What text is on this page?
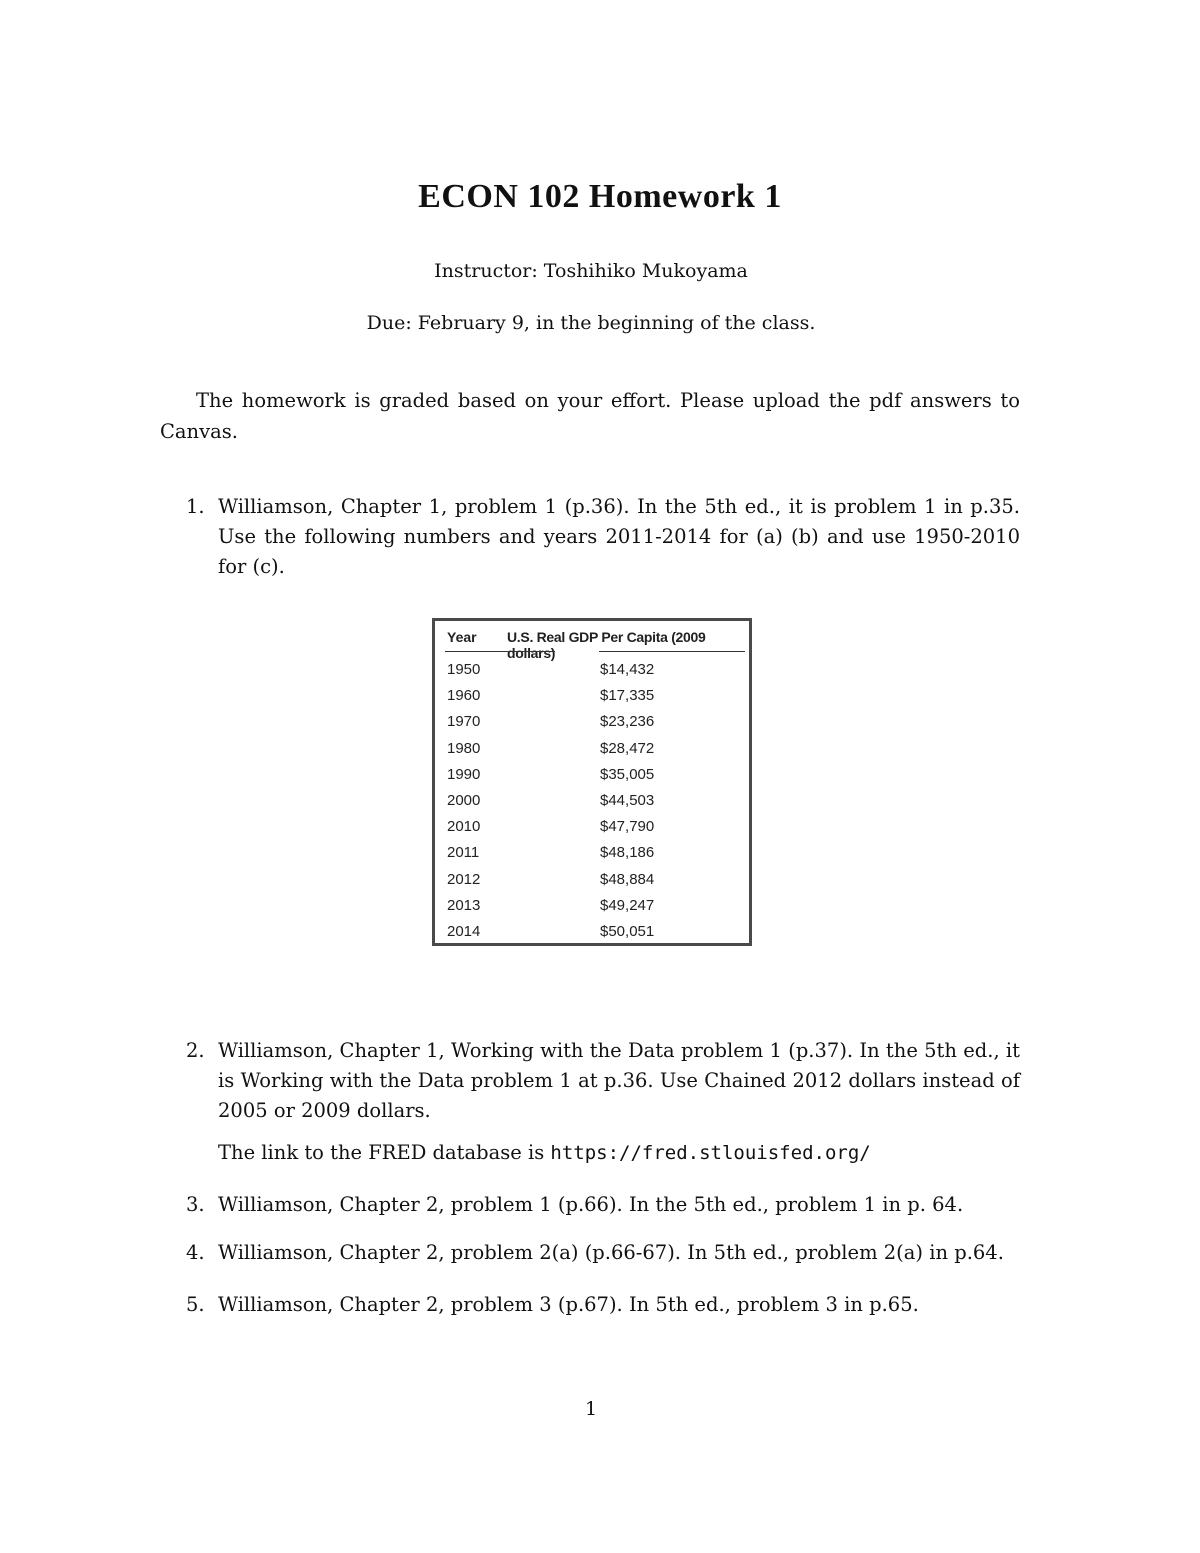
ECON 102 Homework 1
Instructor: Toshihiko Mukoyama
Due: February 9, in the beginning of the class.
The homework is graded based on your effort. Please upload the pdf answers to Canvas.
1. Williamson, Chapter 1, problem 1 (p.36). In the 5th ed., it is problem 1 in p.35. Use the following numbers and years 2011-2014 for (a) (b) and use 1950-2010 for (c).
Year U.S. Real GDP Per Capita (2009 dollars)
1950	$14,432
1960	$17,335
1970	$23,236
1980	$28,472
1990	$35,005
2000	$44,503
2010	$47,790
2011	$48,186
2012	$48,884
2013	$49,247
2014	$50,051
2. Williamson, Chapter 1, Working with the Data problem 1 (p.37). In the 5th ed., it is Working with the Data problem 1 at p.36. Use Chained 2012 dollars instead of 2005 or 2009 dollars.
The link to the FRED database is https://fred.stlouisfed.org/
3. Williamson, Chapter 2, problem 1 (p.66). In the 5th ed., problem 1 in p. 64.
4. Williamson, Chapter 2, problem 2(a) (p.66-67). In 5th ed., problem 2(a) in p.64.
5. Williamson, Chapter 2, problem 3 (p.67). In 5th ed., problem 3 in p.65.
1
